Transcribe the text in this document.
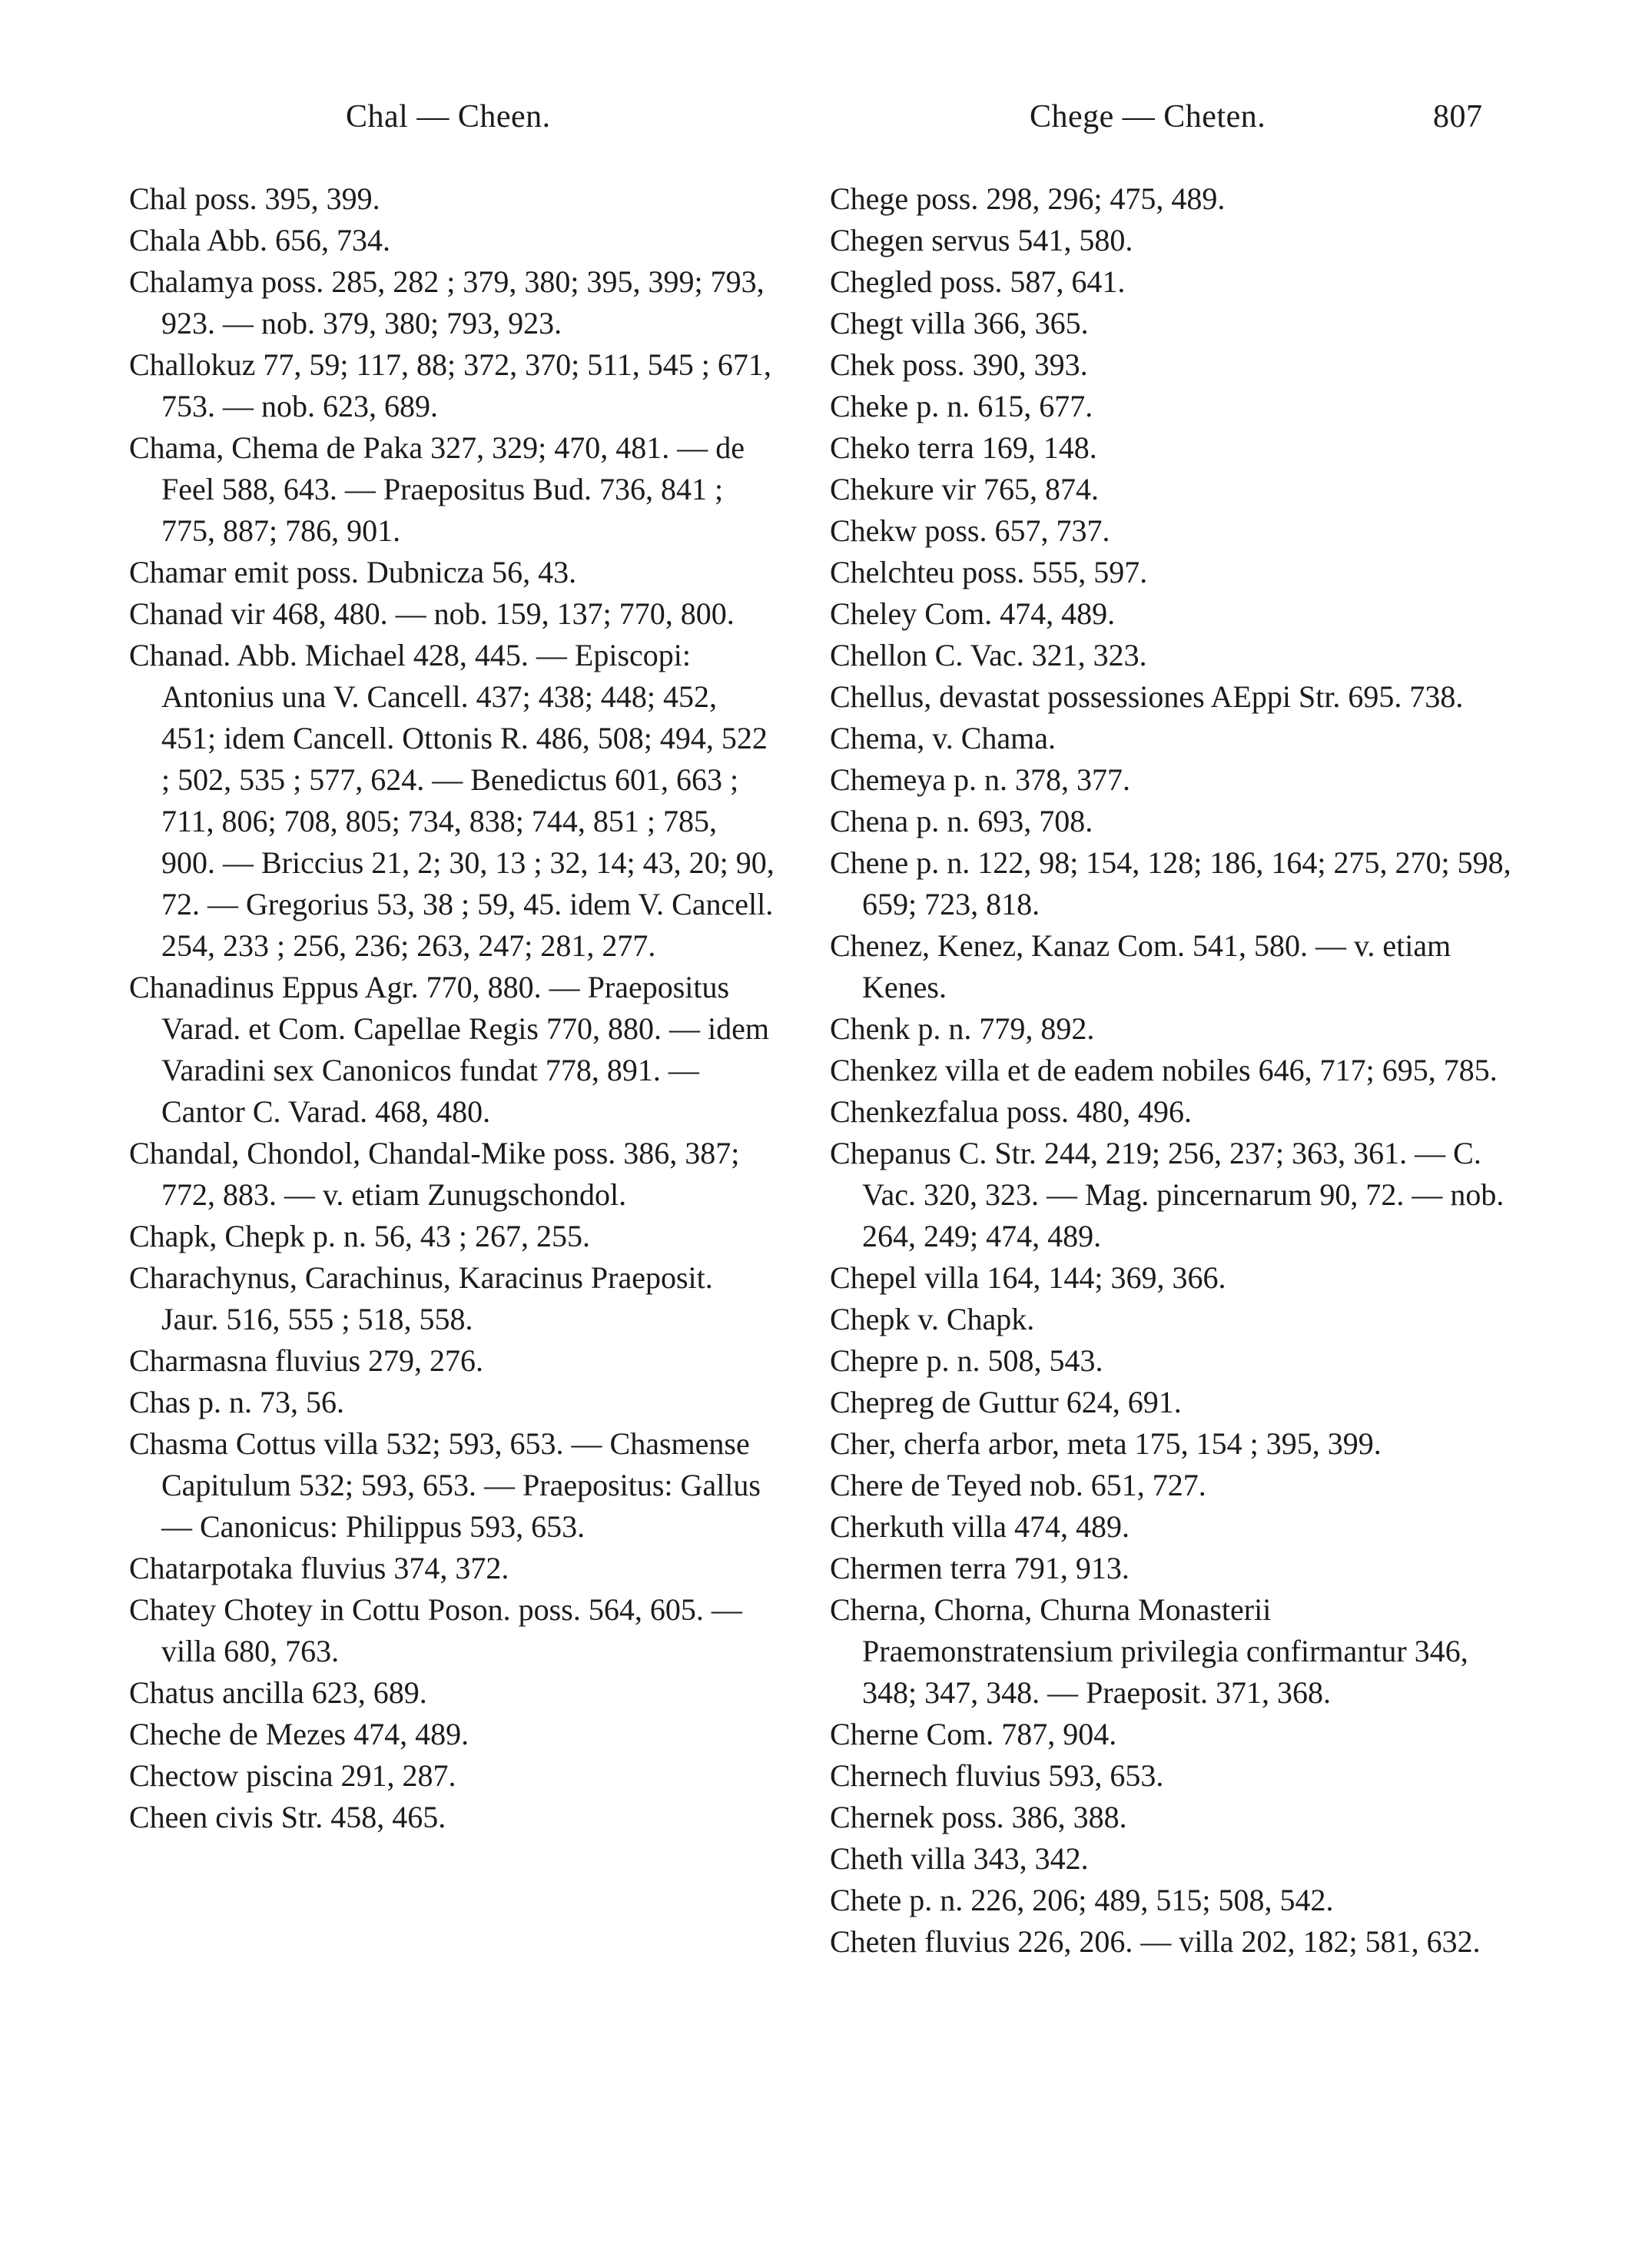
Chal — Cheen.	Chege — Cheten.	807

Chal poss. 395, 399.

Chala Abb. 656, 734.

Chalamya poss. 285, 282 ; 379, 380; 395, 399; 793, 923. — nob. 379, 380; 793, 923.

Challokuz 77, 59; 117, 88; 372, 370; 511, 545 ; 671, 753. — nob. 623, 689.

Chama, Chema de Paka 327, 329; 470, 481. — de Feel 588, 643. — Praepositus Bud. 736, 841 ; 775, 887; 786, 901.

Chamar emit poss. Dubnicza 56, 43.

Chanad vir 468, 480. — nob. 159, 137; 770, 800.

Chanad. Abb. Michael 428, 445. — Episcopi: Antonius una V. Cancell. 437; 438; 448; 452, 451; idem Cancell. Ottonis R. 486, 508; 494, 522 ; 502, 535 ; 577, 624. — Benedictus 601, 663 ; 711, 806; 708, 805; 734, 838; 744, 851 ; 785, 900. — Briccius 21, 2; 30, 13 ; 32, 14; 43, 20; 90, 72. — Gregorius 53, 38 ; 59, 45. idem V. Cancell. 254, 233 ; 256, 236; 263, 247; 281, 277.

Chanadinus Eppus Agr. 770, 880. — Praepositus Varad. et Com. Capellae Regis 770, 880. — idem Varadini sex Canonicos fundat 778, 891. — Cantor C. Varad. 468, 480.

Chandal, Chondol, Chandal-Mike poss. 386, 387; 772, 883. — v. etiam Zunugschondol.

Chapk, Chepk p. n. 56, 43 ; 267, 255.

Charachynus, Carachinus, Karacinus Praeposit. Jaur. 516, 555 ; 518, 558.

Charmasna fluvius 279, 276.

Chas p. n. 73, 56.

Chasma Cottus villa 532; 593, 653. — Chasmense Capitulum 532; 593, 653. — Praepositus: Gallus — Canonicus: Philippus 593, 653.

Chatarpotaka fluvius 374, 372.

Chatey Chotey in Cottu Poson. poss. 564, 605. — villa 680, 763.

Chatus ancilla 623, 689.

Cheche de Mezes 474, 489.

Chectow piscina 291, 287.

Cheen civis Str. 458, 465.

Chege poss. 298, 296; 475, 489.

Chegen servus 541, 580.

Chegled poss. 587, 641.

Chegt villa 366, 365.

Chek poss. 390, 393.

Cheke p. n. 615, 677.

Cheko terra 169, 148.

Chekure vir 765, 874.

Chekw poss. 657, 737.

Chelchteu poss. 555, 597.

Cheley Com. 474, 489.

Chellon C. Vac. 321, 323.

Chellus, devastat possessiones AEppi Str. 695. 738.

Chema, v. Chama.

Chemeya p. n. 378, 377.

Chena p. n. 693, 708.

Chene p. n. 122, 98; 154, 128; 186, 164; 275, 270; 598, 659; 723, 818.

Chenez, Kenez, Kanaz Com. 541, 580. — v. etiam Kenes.

Chenk p. n. 779, 892.

Chenkez villa et de eadem nobiles 646, 717; 695, 785.

Chenkezfalua poss. 480, 496.

Chepanus C. Str. 244, 219; 256, 237; 363, 361. — C. Vac. 320, 323. — Mag. pincernarum 90, 72. — nob. 264, 249; 474, 489.

Chepel villa 164, 144; 369, 366.

Chepk v. Chapk.

Chepre p. n. 508, 543.

Chepreg de Guttur 624, 691.

Cher, cherfa arbor, meta 175, 154 ; 395, 399.

Chere de Teyed nob. 651, 727.

Cherkuth villa 474, 489.

Chermen terra 791, 913.

Cherna, Chorna, Churna Monasterii Praemonstratensium privilegia confirmantur 346, 348; 347, 348. — Praeposit. 371, 368.

Cherne Com. 787, 904.

Chernech fluvius 593, 653.

Chernek poss. 386, 388.

Cheth villa 343, 342.

Chete p. n. 226, 206; 489, 515; 508, 542.

Cheten fluvius 226, 206. — villa 202, 182; 581, 632.
